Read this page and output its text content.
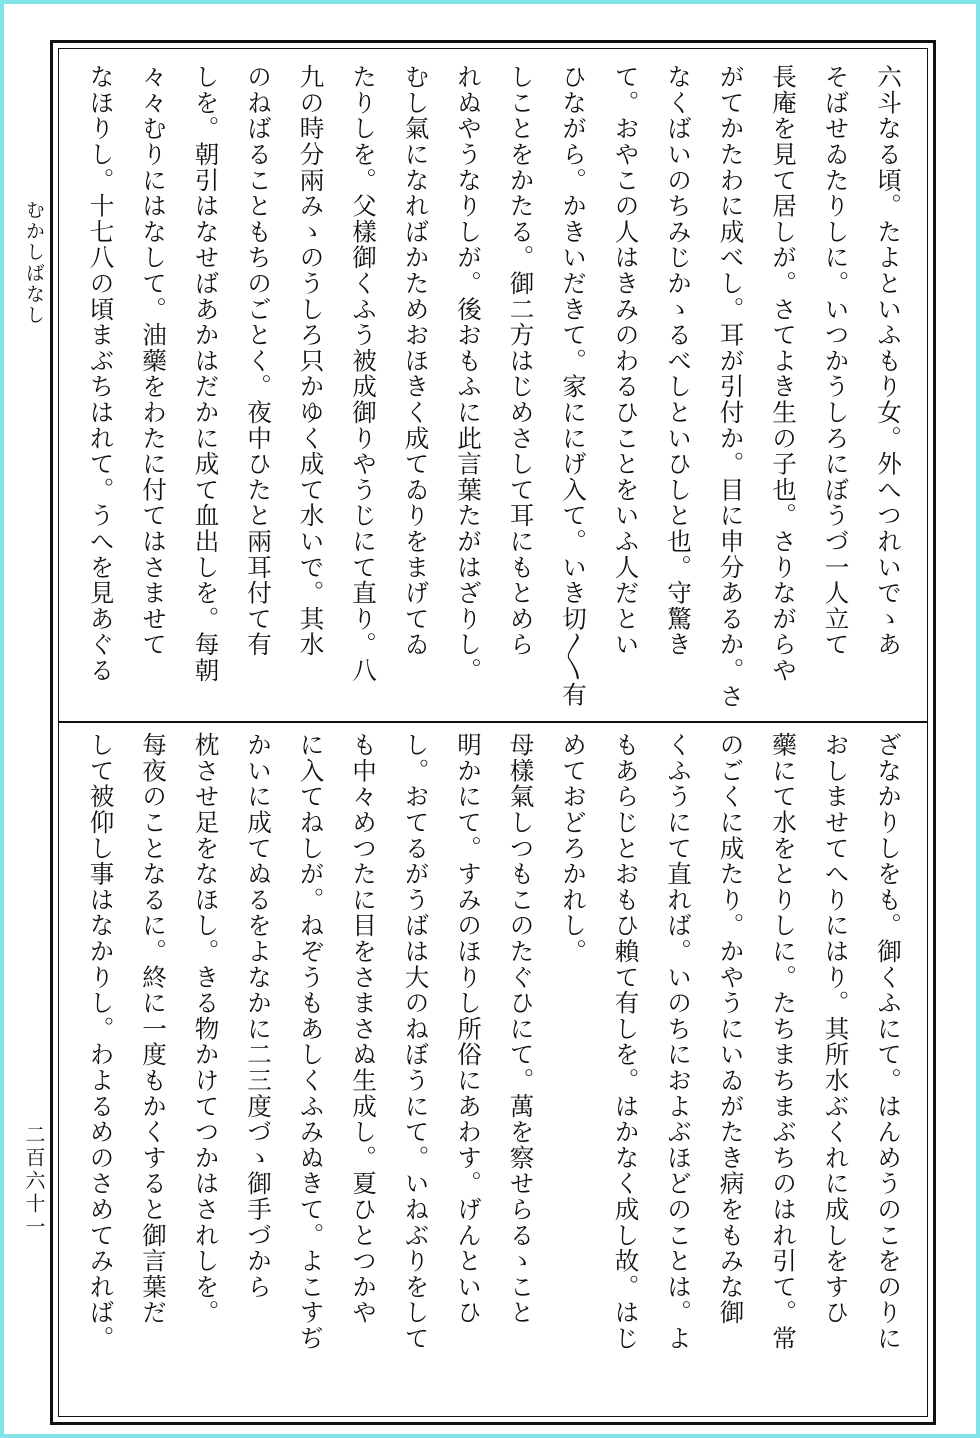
むかしばなし
二百六十一
六斗なる頃。たよといふもり女。外へつれいでゝあ
そばせゐたりしに。いつかうしろにぼうづ一人立て
長庵を見て居しが。さてよき生の子也。さりながらや
がてかたわに成べし。耳が引付か。目に申分あるか。さ
なくばいのちみじかゝるべしといひしと也。守驚き
て。おやこの人はきみのわるひことをいふ人だとい
ひながら。かきいだきて。家ににげ入て。いき切〳〵有
しことをかたる。御二方はじめさして耳にもとめら
れぬやうなりしが。後おもふに此言葉たがはざりし。
むし氣になればかためおほきく成てゐりをまげてゐ
たりしを。父樣御くふう被成御りやうじにて直り。八
九の時分兩みゝのうしろ只かゆく成て水いで。其水
のねばることもちのごとく。夜中ひたと兩耳付て有
しを。朝引はなせばあかはだかに成て血出しを。每朝
々々むりにはなして。油藥をわたに付てはさませて
なほりし。十七八の頃まぶちはれて。うへを見あぐる
ざなかりしをも。御くふにて。はんめうのこをのりに
おしませてへりにはり。其所水ぶくれに成しをすひ
藥にて水をとりしに。たちまちまぶちのはれ引て。常
のごくに成たり。かやうにいゐがたき病をもみな御
くふうにて直れば。いのちにおよぶほどのことは。よ
もあらじとおもひ賴て有しを。はかなく成し故。はじ
めておどろかれし。
母樣氣しつもこのたぐひにて。萬を察せらるゝこと
明かにて。すみのほりし所俗にあわす。げんといひ
し。おてるがうばは大のねぼうにて。いねぶりをして
も中々めつたに目をさまさぬ生成し。夏ひとつかや
に入てねしが。ねぞうもあしくふみぬきて。よこすぢ
かいに成てぬるをよなかに二三度づゝ御手づから
枕させ足をなほし。きる物かけてつかはされしを。
每夜のことなるに。終に一度もかくすると御言葉だ
して被仰し事はなかりし。わよるめのさめてみれば。
